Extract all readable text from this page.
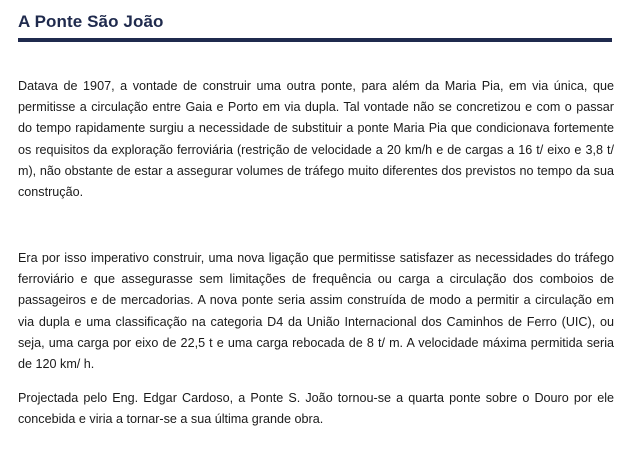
A Ponte São João

Datava de 1907, a vontade de construir uma outra ponte, para além da Maria Pia, em via única, que permitisse a circulação entre Gaia e Porto em via dupla. Tal vontade não se concretizou e com o passar do tempo rapidamente surgiu a necessidade de substituir a ponte Maria Pia que condicionava fortemente os requisitos da exploração ferroviária (restrição de velocidade a 20 km/h e de cargas a 16 t/ eixo e 3,8 t/ m), não obstante de estar a assegurar volumes de tráfego muito diferentes dos previstos no tempo da sua construção.

Era por isso imperativo construir, uma nova ligação que permitisse satisfazer as necessidades do tráfego ferroviário e que assegurasse sem limitações de frequência ou carga a circulação dos comboios de passageiros e de mercadorias. A nova ponte seria assim construída de modo a permitir a circulação em via dupla e uma classificação na categoria D4 da União Internacional dos Caminhos de Ferro (UIC), ou seja, uma carga por eixo de 22,5 t e uma carga rebocada de 8 t/ m. A velocidade máxima permitida seria de 120 km/ h.

Projectada pelo Eng. Edgar Cardoso, a Ponte S. João tornou-se a quarta ponte sobre o Douro por ele concebida e viria a tornar-se a sua última grande obra.
